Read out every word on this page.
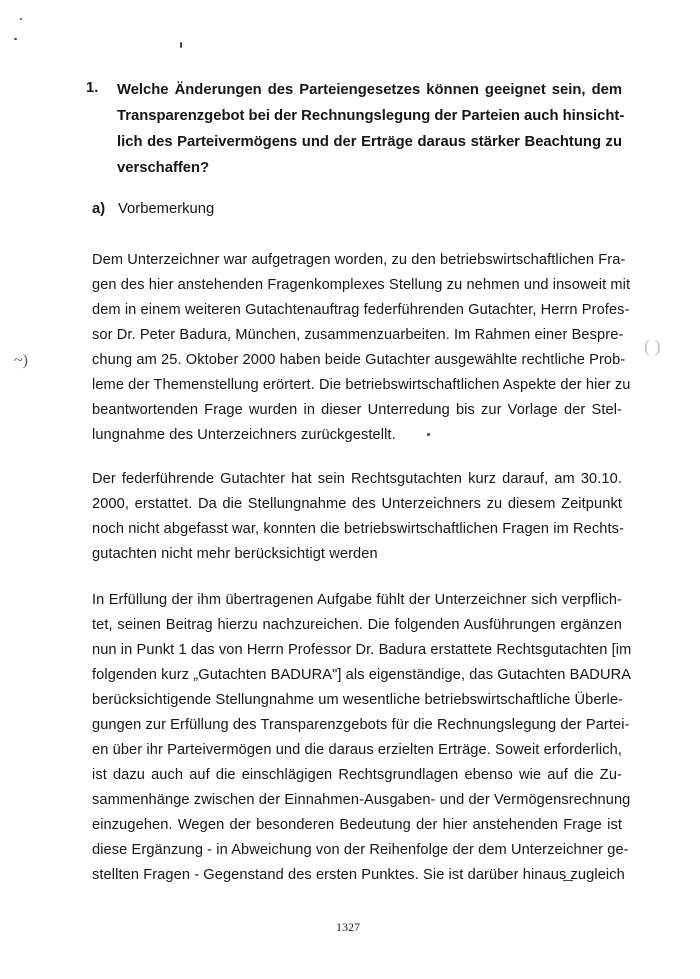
~)
( )
1. Welche Änderungen des Parteiengesetzes können geeignet sein, dem
Transparenzgebot bei der Rechnungslegung der Parteien auch hinsicht-
lich des Parteivermögens und der Erträge daraus stärker Beachtung zu
verschaffen?
a) Vorbemerkung
Dem Unterzeichner war aufgetragen worden, zu den betriebswirtschaftlichen Fra-
gen des hier anstehenden Fragenkomplexes Stellung zu nehmen und insoweit mit
dem in einem weiteren Gutachtenauftrag federführenden Gutachter, Herrn Profes-
sor Dr. Peter Badura, München, zusammenzuarbeiten. Im Rahmen einer Bespre-
chung am 25. Oktober 2000 haben beide Gutachter ausgewählte rechtliche Prob-
leme der Themenstellung erörtert. Die betriebswirtschaftlichen Aspekte der hier zu
beantwortenden Frage wurden in dieser Unterredung bis zur Vorlage der Stel-
lungnahme des Unterzeichners zurückgestellt.
Der federführende Gutachter hat sein Rechtsgutachten kurz darauf, am 30.10.
2000, erstattet. Da die Stellungnahme des Unterzeichners zu diesem Zeitpunkt
noch nicht abgefasst war, konnten die betriebswirtschaftlichen Fragen im Rechts-
gutachten nicht mehr berücksichtigt werden
In Erfüllung der ihm übertragenen Aufgabe fühlt der Unterzeichner sich verpflich-
tet, seinen Beitrag hierzu nachzureichen. Die folgenden Ausführungen ergänzen
nun in Punkt 1 das von Herrn Professor Dr. Badura erstattete Rechtsgutachten [im
folgenden kurz „Gutachten BADURA"] als eigenständige, das Gutachten BADURA
berücksichtigende Stellungnahme um wesentliche betriebswirtschaftliche Überle-
gungen zur Erfüllung des Transparenzgebots für die Rechnungslegung der Partei-
en über ihr Parteivermögen und die daraus erzielten Erträge. Soweit erforderlich,
ist dazu auch auf die einschlägigen Rechtsgrundlagen ebenso wie auf die Zu-
sammenhänge zwischen der Einnahmen-Ausgaben- und der Vermögensrechnung
einzugehen. Wegen der besonderen Bedeutung der hier anstehenden Frage ist
diese Ergänzung - in Abweichung von der Reihenfolge der dem Unterzeichner ge-
stellten Fragen - Gegenstand des ersten Punktes. Sie ist darüber hinaus zugleich
1327
